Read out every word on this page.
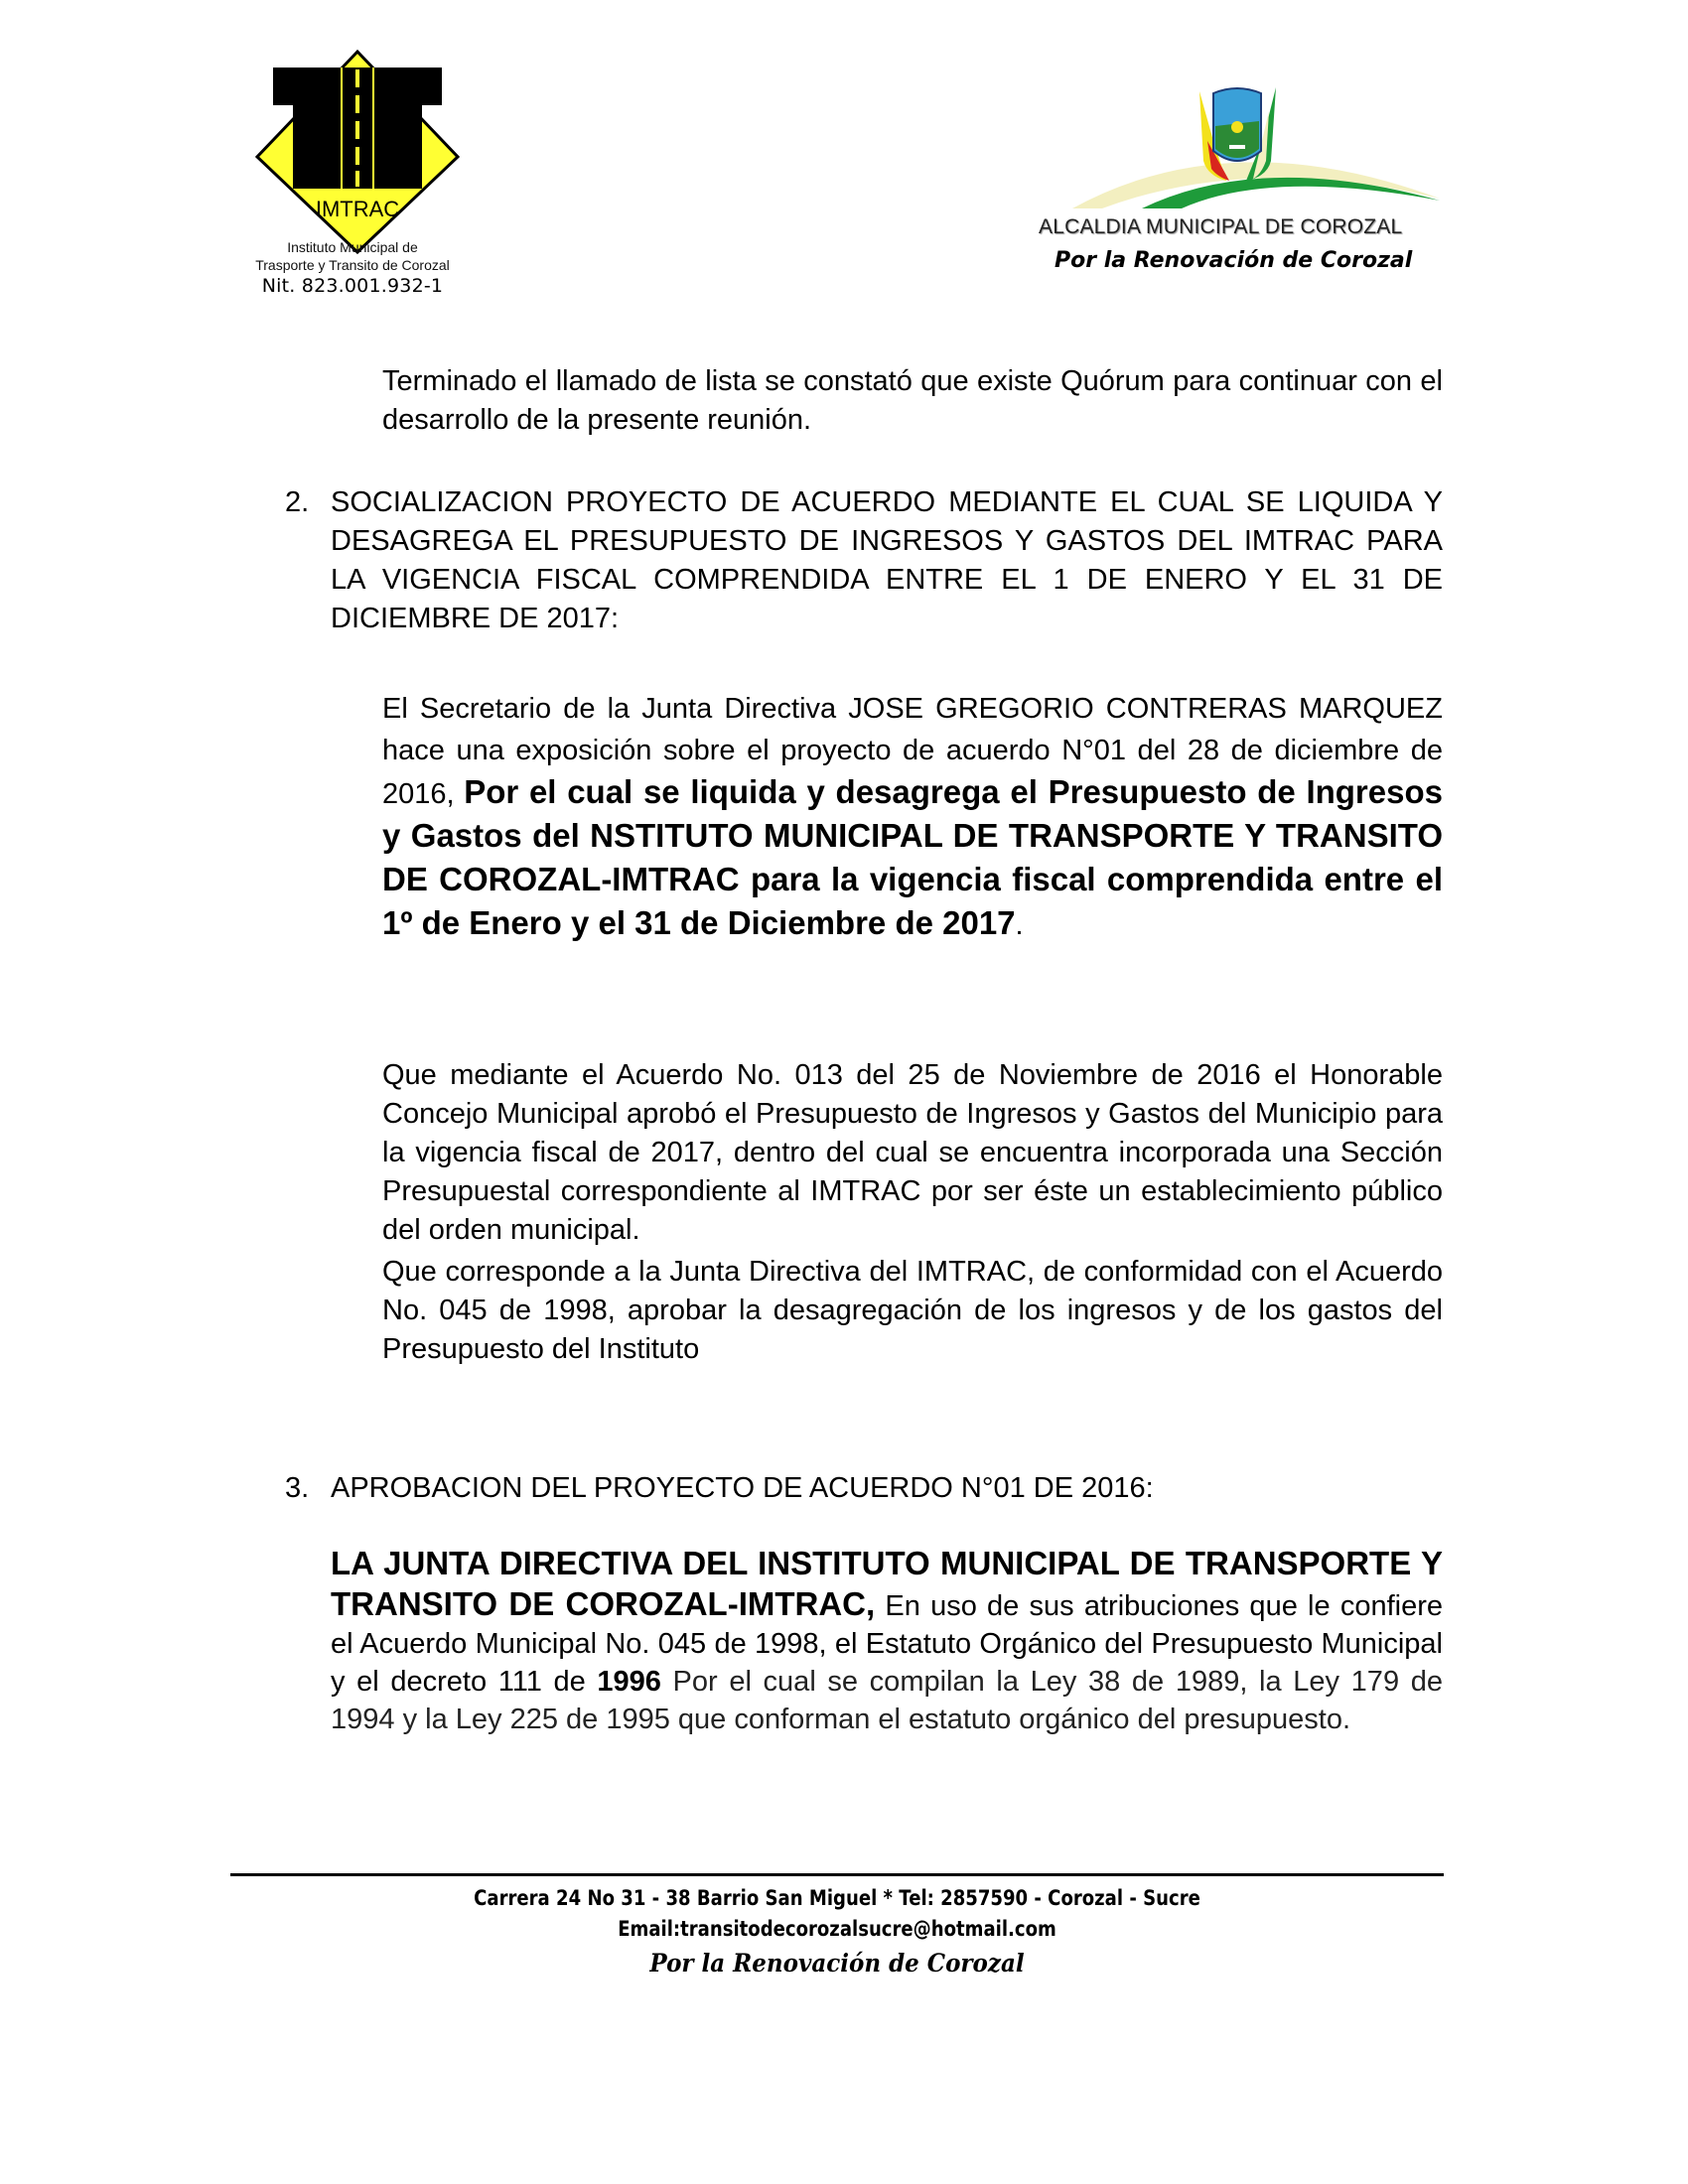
IMTRAC
Instituto Municipal de
Trasporte y Transito de Corozal
Nit. 823.001.932-1
ALCALDIA MUNICIPAL DE COROZAL
Por la Renovación de Corozal
Terminado el llamado de lista se constató que existe Quórum para continuar con el desarrollo de la presente reunión.
2. SOCIALIZACION PROYECTO DE ACUERDO MEDIANTE EL CUAL SE LIQUIDA Y DESAGREGA EL PRESUPUESTO DE INGRESOS Y GASTOS DEL IMTRAC PARA LA VIGENCIA FISCAL COMPRENDIDA ENTRE EL 1 DE ENERO Y EL 31 DE DICIEMBRE DE 2017:
El Secretario de la Junta Directiva JOSE GREGORIO CONTRERAS MARQUEZ hace una exposición sobre el proyecto de acuerdo N°01 del 28 de diciembre de 2016, Por el cual se liquida y desagrega el Presupuesto de Ingresos y Gastos del NSTITUTO MUNICIPAL DE TRANSPORTE Y TRANSITO DE COROZAL-IMTRAC para la vigencia fiscal comprendida entre el 1º de Enero y el 31 de Diciembre de 2017.
Que mediante el Acuerdo No. 013 del 25 de Noviembre de 2016 el Honorable Concejo Municipal aprobó el Presupuesto de Ingresos y Gastos del Municipio para la vigencia fiscal de 2017, dentro del cual se encuentra incorporada una Sección Presupuestal correspondiente al IMTRAC por ser éste un establecimiento público del orden municipal.
Que corresponde a la Junta Directiva del IMTRAC, de conformidad con el Acuerdo No. 045 de 1998, aprobar la desagregación de los ingresos y de los gastos del Presupuesto del Instituto
3. APROBACION DEL PROYECTO DE ACUERDO N°01 DE 2016:
LA JUNTA DIRECTIVA DEL INSTITUTO MUNICIPAL DE TRANSPORTE Y TRANSITO DE COROZAL-IMTRAC, En uso de sus atribuciones que le confiere el Acuerdo Municipal No. 045 de 1998, el Estatuto Orgánico del Presupuesto Municipal y el decreto 111 de 1996 Por el cual se compilan la Ley 38 de 1989, la Ley 179 de 1994 y la Ley 225 de 1995 que conforman el estatuto orgánico del presupuesto.
Carrera 24 No 31 - 38 Barrio San Miguel * Tel: 2857590 - Corozal - Sucre
Email:transitodecorozalsucre@hotmail.com
Por la Renovación de Corozal
